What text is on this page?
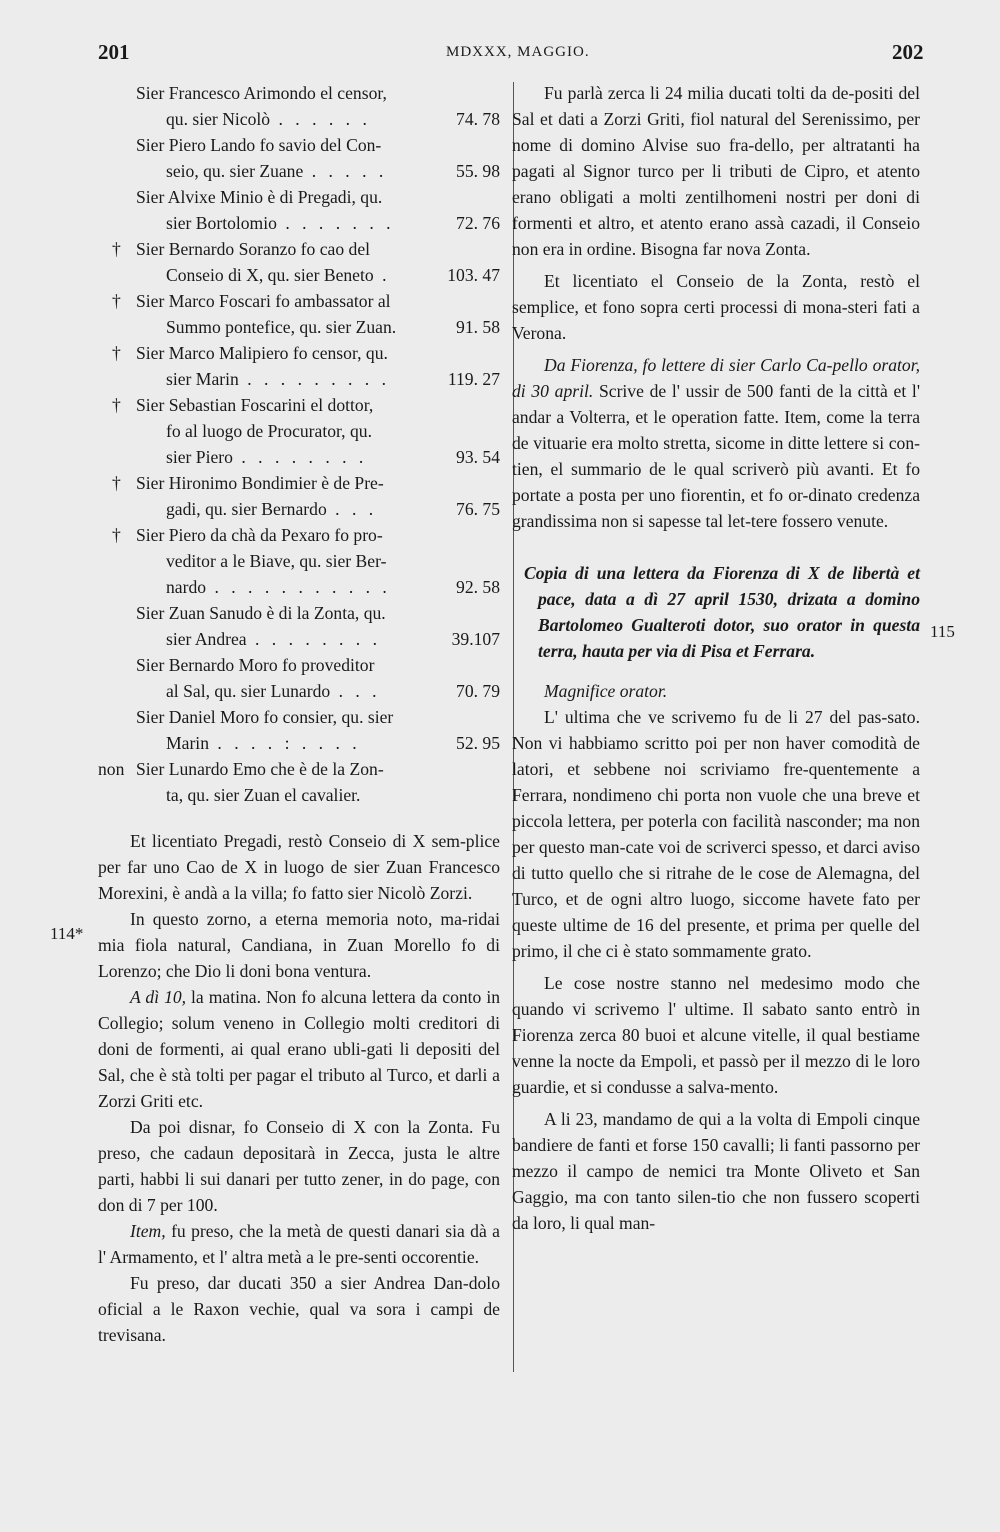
201	MDXXX, MAGGIO.	202
114*
115
Sier Francesco Arimondo el censor,
qu. sier Nicolò . . . . . .	74. 78
Sier Piero Lando fo savio del Con-
seio, qu. sier Zuane . . . . .	55. 98
Sier Alvixe Minio è di Pregadi, qu.
sier Bortolomio . . . . . . .	72. 76
Sier Bernardo Soranzo fo cao del
†
Conseio di X, qu. sier Beneto .	103. 47
Sier Marco Foscari fo ambassator al
†
Summo pontefice, qu. sier Zuan.	91. 58
Sier Marco Malipiero fo censor, qu.
†
sier Marin . . . . . . . . .	119. 27
Sier Sebastian Foscarini el dottor,
†
fo al luogo de Procurator, qu.
sier Piero . . . . . . . .	93. 54
Sier Hironimo Bondimier è de Pre-
†
gadi, qu. sier Bernardo . . .	76. 75
Sier Piero da chà da Pexaro fo pro-
†
veditor a le Biave, qu. sier Ber-
nardo . . . . . . . . . . .	92. 58
Sier Zuan Sanudo è di la Zonta, qu.
sier Andrea . . . . . . . .	39.107
Sier Bernardo Moro fo proveditor
al Sal, qu. sier Lunardo . . .	70. 79
Sier Daniel Moro fo consier, qu. sier
Marin . . . . : . . . .	52. 95
Sier Lunardo Emo che è de la Zon-
non
ta, qu. sier Zuan el cavalier.

Et licentiato Pregadi, restò Conseio di X sem-plice per far uno Cao de X in luogo de sier Zuan Francesco Morexini, è andà a la villa; fo fatto sier Nicolò Zorzi.

In questo zorno, a eterna memoria noto, ma-ridai mia fiola natural, Candiana, in Zuan Morello fo di Lorenzo; che Dio li doni bona ventura.

A dì 10, la matina. Non fo alcuna lettera da conto in Collegio; solum veneno in Collegio molti creditori di doni de formenti, ai qual erano ubli-gati li depositi del Sal, che è stà tolti per pagar el tributo al Turco, et darli a Zorzi Griti etc.

Da poi disnar, fo Conseio di X con la Zonta. Fu preso, che cadaun depositarà in Zecca, justa le altre parti, habbi li sui danari per tutto zener, in do page, con don di 7 per 100.

Item, fu preso, che la metà de questi danari sia dà a l' Armamento, et l' altra metà a le pre-senti occorentie.

Fu preso, dar ducati 350 a sier Andrea Dan-dolo oficial a le Raxon vechie, qual va sora i campi de trevisana.

Fu parlà zerca li 24 milia ducati tolti da de-positi del Sal et dati a Zorzi Griti, fiol natural del Serenissimo, per nome di domino Alvise suo fra-dello, per altratanti ha pagati al Signor turco per li tributi de Cipro, et atento erano obligati a molti zentilhomeni nostri per doni di formenti et altro, et atento erano assà cazadi, il Conseio non era in ordine. Bisogna far nova Zonta.

Et licentiato el Conseio de la Zonta, restò el semplice, et fono sopra certi processi di mona-steri fati a Verona.

Da Fiorenza, fo lettere di sier Carlo Ca-pello orator, di 30 april. Scrive de l' ussir de 500 fanti de la città et l' andar a Volterra, et le operation fatte. Item, come la terra de vituarie era molto stretta, sicome in ditte lettere si con-tien, el summario de le qual scriverò più avanti. Et fo portate a posta per uno fiorentin, et fo or-dinato credenza grandissima non si sapesse tal let-tere fossero venute.

Copia di una lettera da Fiorenza di X de libertà et pace, data a dì 27 april 1530, drizata a domino Bartolomeo Gualteroti dotor, suo orator in questa terra, hauta per via di Pisa et Ferrara.
Magnifice orator.

L' ultima che ve scrivemo fu de li 27 del pas-sato. Non vi habbiamo scritto poi per non haver comodità de latori, et sebbene noi scriviamo fre-quentemente a Ferrara, nondimeno chi porta non vuole che una breve et piccola lettera, per poterla con facilità nasconder; ma non per questo man-cate voi de scriverci spesso, et darci aviso di tutto quello che si ritrahe de le cose de Alemagna, del Turco, et de ogni altro luogo, siccome havete fato per queste ultime de 16 del presente, et prima per quelle del primo, il che ci è stato sommamente grato.

Le cose nostre stanno nel medesimo modo che quando vi scrivemo l' ultime. Il sabato santo entrò in Fiorenza zerca 80 buoi et alcune vitelle, il qual bestiame venne la nocte da Empoli, et passò per il mezzo di le loro guardie, et si condusse a salva-mento.

A li 23, mandamo de qui a la volta di Empoli cinque bandiere de fanti et forse 150 cavalli; li fanti passorno per mezzo il campo de nemici tra Monte Oliveto et San Gaggio, ma con tanto silen-tio che non fussero scoperti da loro, li qual man-
